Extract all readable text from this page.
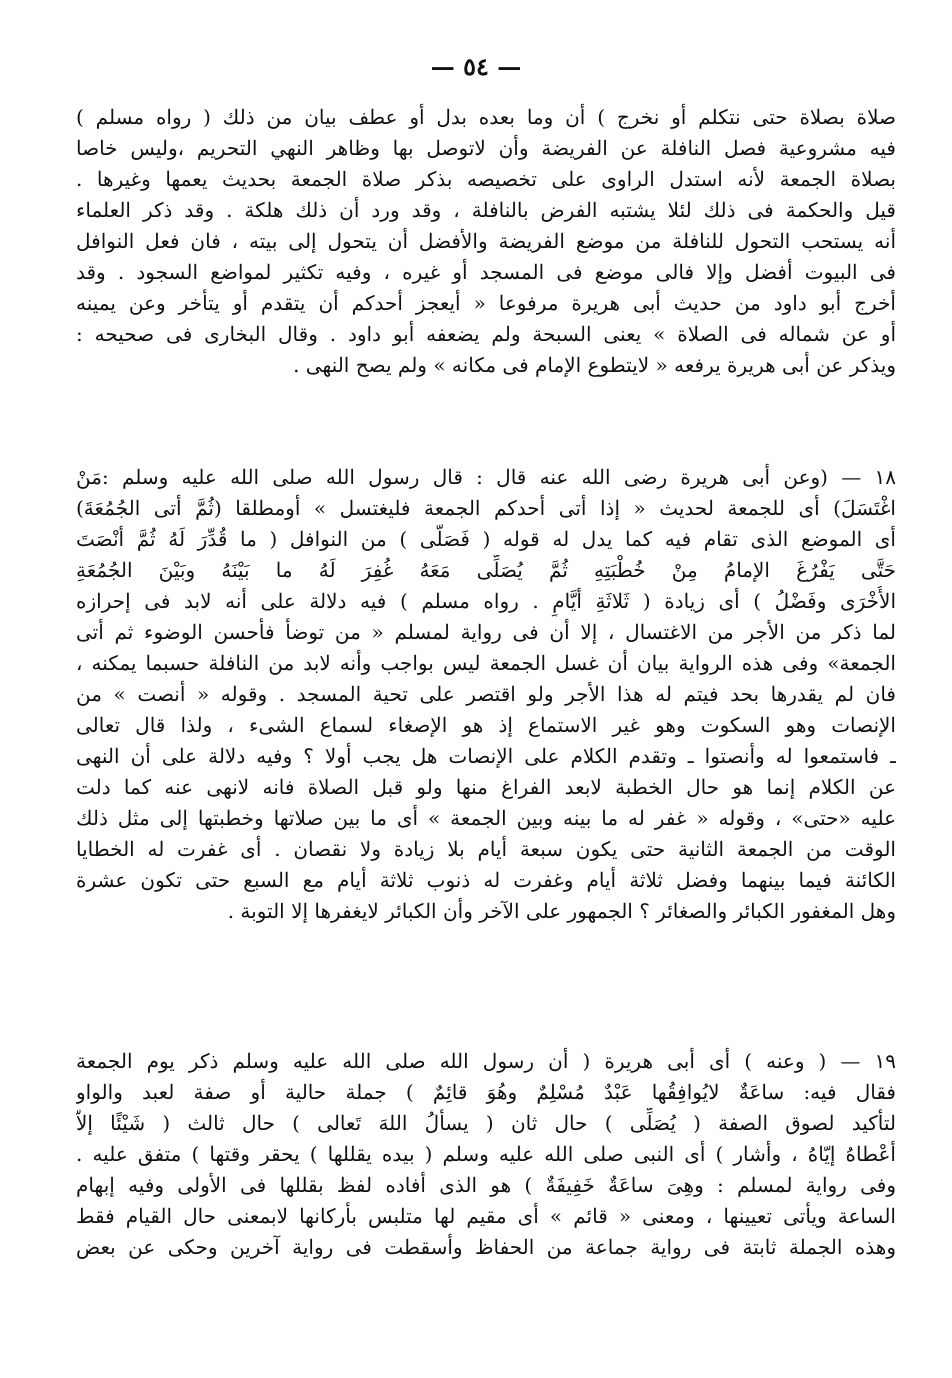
— ٥٤ —
صلاة بصلاة حتى نتكلم أو نخرج ) أن وما بعده بدل أو عطف بيان من ذلك ( رواه مسلم )
فيه مشروعية فصل النافلة عن الفريضة وأن لاتوصل بها وظاهر النهي التحريم ،وليس خاصا
بصلاة الجمعة لأنه استدل الراوى على تخصيصه بذكر صلاة الجمعة بحديث يعمها وغيرها .
قيل والحكمة فى ذلك لئلا يشتبه الفرض بالنافلة ، وقد ورد أن ذلك هلكة . وقد ذكر العلماء
أنه يستحب التحول للنافلة من موضع الفريضة والأفضل أن يتحول إلى بيته ، فان فعل النوافل
فى البيوت أفضل وإلا فالى موضع فى المسجد أو غيره ، وفيه تكثير لمواضع السجود . وقد
أخرج أبو داود من حديث أبى هريرة مرفوعا « أيعجز أحدكم أن يتقدم أو يتأخر وعن يمينه
أو عن شماله فى الصلاة » يعنى السبحة ولم يضعفه أبو داود . وقال البخارى فى صحيحه :
ويذكر عن أبى هريرة يرفعه « لايتطوع الإمام فى مكانه » ولم يصح النهى .
١٨ — (وعن أبى هريرة رضى الله عنه قال : قال رسول الله صلى الله عليه وسلم :مَنْ
اغْتَسَلَ) أى للجمعة لحديث « إذا أتى أحدكم الجمعة فليغتسل » أومطلقا (ثُمَّ أتى الجُمُعَةَ)
أى الموضع الذى تقام فيه كما يدل له قوله ( فَصَلَّى ) من النوافل ( ما قُدِّرَ لَهُ ثُمَّ أنْصَتَ
حَتَّى يَفْرُغَ الإمامُ مِنْ خُطْبَتِهِ ثُمَّ يُصَلِّى مَعَهُ غُفِرَ لَهُ ما بَيْنَهُ وبَيْنَ الجُمُعَةِ
الأُخْرَى وفَضْلُ ) أى زيادة ( ثَلاثَةِ أيَّامٍ . رواه مسلم ) فيه دلالة على أنه لابد فى إحرازه
لما ذكر من الأجر من الاغتسال ، إلا أن فى رواية لمسلم « من توضأ فأحسن الوضوء ثم أتى
الجمعة» وفى هذه الرواية بيان أن غسل الجمعة ليس بواجب وأنه لابد من النافلة حسبما يمكنه ،
فان لم يقدرها بحد فيتم له هذا الأجر ولو اقتصر على تحية المسجد . وقوله « أنصت » من
الإنصات وهو السكوت وهو غير الاستماع إذ هو الإصغاء لسماع الشىء ، ولذا قال تعالى
ـ فاستمعوا له وأنصتوا ـ وتقدم الكلام على الإنصات هل يجب أولا ؟ وفيه دلالة على أن النهى
عن الكلام إنما هو حال الخطبة لابعد الفراغ منها ولو قبل الصلاة فانه لانهى عنه كما دلت
عليه «حتى» ، وقوله « غفر له ما بينه وبين الجمعة » أى ما بين صلاتها وخطبتها إلى مثل ذلك
الوقت من الجمعة الثانية حتى يكون سبعة أيام بلا زيادة ولا نقصان . أى غفرت له الخطايا
الكائنة فيما بينهما وفضل ثلاثة أيام وغفرت له ذنوب ثلاثة أيام مع السبع حتى تكون عشرة
وهل المغفور الكبائر والصغائر ؟ الجمهور على الآخر وأن الكبائر لايغفرها إلا التوبة .
١٩ — ( وعنه ) أى أبى هريرة ( أن رسول الله صلى الله عليه وسلم ذكر يوم الجمعة
فقال فيه: ساعَةٌ لايُوافِقُها عَبْدٌ مُسْلِمٌ وهُوَ قائِمٌ ) جملة حالية أو صفة لعبد والواو
لتأكيد لصوق الصفة ( يُصَلِّى ) حال ثان ( يسألُ اللهَ تَعالى ) حال ثالث ( شَيْئًا إلاّ
أعْطاهُ إيّاهُ ، وأشار ) أى النبى صلى الله عليه وسلم ( بيده يقللها ) يحقر وقتها ) متفق عليه .
وفى رواية لمسلم : وهِىَ ساعَةٌ خَفِيفَةٌ ) هو الذى أفاده لفظ بقللها فى الأولى وفيه إبهام
الساعة ويأتى تعيينها ، ومعنى « قائم » أى مقيم لها متلبس بأركانها لابمعنى حال القيام فقط
وهذه الجملة ثابتة فى رواية جماعة من الحفاظ وأسقطت فى رواية آخرين وحكى عن بعض
